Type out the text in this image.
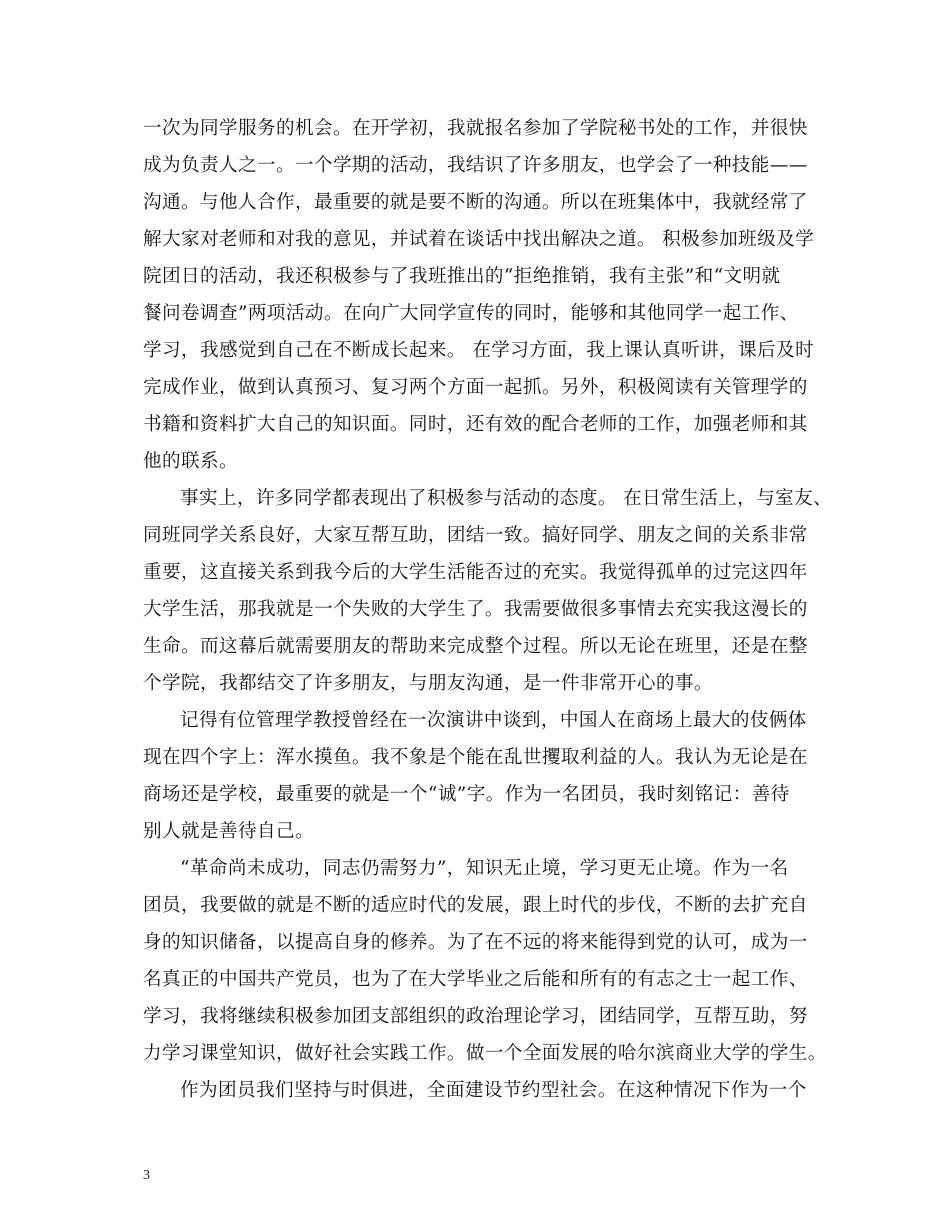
一次为同学服务的机会。在开学初，我就报名参加了学院秘书处的工作，并很快
成为负责人之一。一个学期的活动，我结识了许多朋友，也学会了一种技能——
沟通。与他人合作，最重要的就是要不断的沟通。所以在班集体中，我就经常了
解大家对老师和对我的意见，并试着在谈话中找出解决之道。 积极参加班级及学
院团日的活动，我还积极参与了我班推出的“拒绝推销，我有主张”和“文明就
餐问卷调查”两项活动。在向广大同学宣传的同时，能够和其他同学一起工作、
学习，我感觉到自己在不断成长起来。 在学习方面，我上课认真听讲，课后及时
完成作业，做到认真预习、复习两个方面一起抓。另外，积极阅读有关管理学的
书籍和资料扩大自己的知识面。同时，还有效的配合老师的工作，加强老师和其
他的联系。
事实上，许多同学都表现出了积极参与活动的态度。 在日常生活上，与室友、
同班同学关系良好，大家互帮互助，团结一致。搞好同学、朋友之间的关系非常
重要，这直接关系到我今后的大学生活能否过的充实。我觉得孤单的过完这四年
大学生活，那我就是一个失败的大学生了。我需要做很多事情去充实我这漫长的
生命。而这幕后就需要朋友的帮助来完成整个过程。所以无论在班里，还是在整
个学院，我都结交了许多朋友，与朋友沟通，是一件非常开心的事。
记得有位管理学教授曾经在一次演讲中谈到，中国人在商场上最大的伎俩体
现在四个字上：浑水摸鱼。我不象是个能在乱世攫取利益的人。我认为无论是在
商场还是学校，最重要的就是一个“诚”字。作为一名团员，我时刻铭记：善待
别人就是善待自己。
“革命尚未成功，同志仍需努力”，知识无止境，学习更无止境。作为一名
团员，我要做的就是不断的适应时代的发展，跟上时代的步伐，不断的去扩充自
身的知识储备，以提高自身的修养。为了在不远的将来能得到党的认可，成为一
名真正的中国共产党员，也为了在大学毕业之后能和所有的有志之士一起工作、
学习，我将继续积极参加团支部组织的政治理论学习，团结同学，互帮互助，努
力学习课堂知识，做好社会实践工作。做一个全面发展的哈尔滨商业大学的学生。
作为团员我们坚持与时俱进，全面建设节约型社会。在这种情况下作为一个
3
